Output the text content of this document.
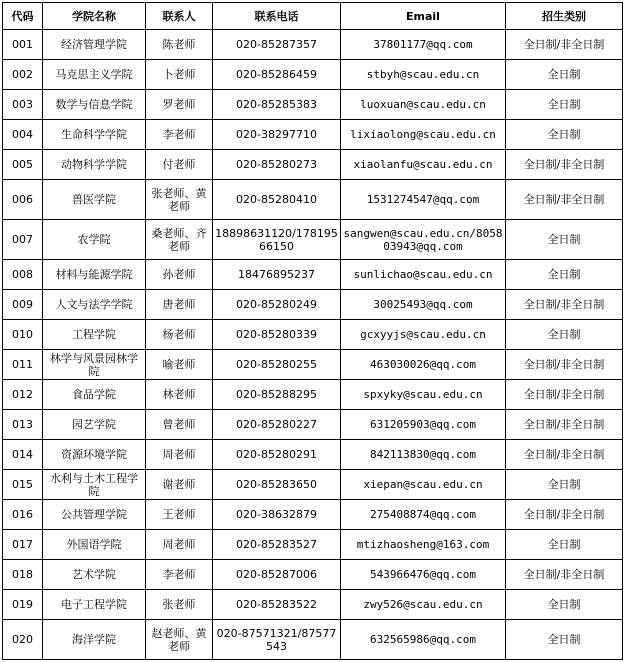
代码	学院名称	联系人	联系电话	Email	招生类别
001	经济管理学院	陈老师	020-85287357	37801177@qq.com	全日制/非全日制
002	马克思主义学院	卜老师	020-85286459	stbyh@scau.edu.cn	全日制
003	数学与信息学院	罗老师	020-85285383	luoxuan@scau.edu.cn	全日制
004	生命科学学院	李老师	020-38297710	lixiaolong@scau.edu.cn	全日制
005	动物科学学院	付老师	020-85280273	xiaolanfu@scau.edu.cn	全日制/非全日制
006	兽医学院	张老师、黄老师	020-85280410	1531274547@qq.com	全日制/非全日制
007	农学院	桑老师、齐老师	18898631120/17819566150	sangwen@scau.edu.cn/805803943@qq.com	全日制
008	材料与能源学院	孙老师	18476895237	sunlichao@scau.edu.cn	全日制
009	人文与法学学院	唐老师	020-85280249	30025493@qq.com	全日制/非全日制
010	工程学院	杨老师	020-85280339	gcxyyjs@scau.edu.cn	全日制
011	林学与风景园林学院	喻老师	020-85280255	463030026@qq.com	全日制/非全日制
012	食品学院	林老师	020-85288295	spxyky@scau.edu.cn	全日制/非全日制
013	园艺学院	曾老师	020-85280227	631205903@qq.com	全日制/非全日制
014	资源环境学院	周老师	020-85280291	842113830@qq.com	全日制/非全日制
015	水利与土木工程学院	谢老师	020-85283650	xiepan@scau.edu.cn	全日制
016	公共管理学院	王老师	020-38632879	275408874@qq.com	全日制/非全日制
017	外国语学院	周老师	020-85283527	mtizhaosheng@163.com	全日制
018	艺术学院	李老师	020-85287006	543966476@qq.com	全日制/非全日制
019	电子工程学院	张老师	020-85283522	zwy526@scau.edu.cn	全日制
020	海洋学院	赵老师、黄老师	020-87571321/87577543	632565986@qq.com	全日制
